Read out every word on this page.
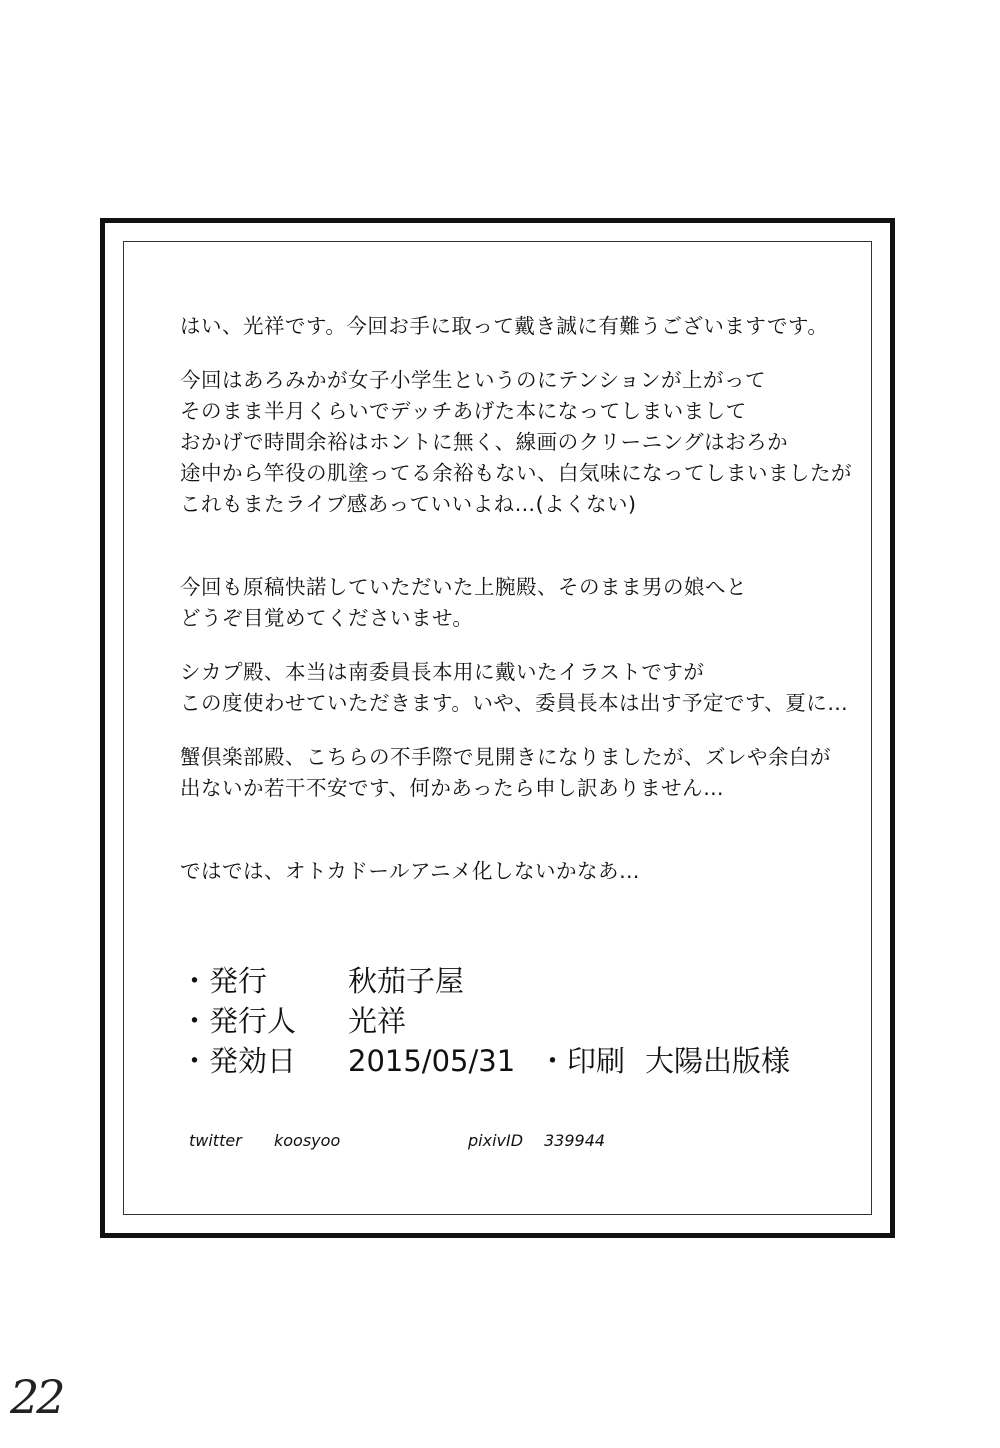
はい、光祥です。今回お手に取って戴き誠に有難うございますです。

今回はあろみかが女子小学生というのにテンションが上がって
そのまま半月くらいでデッチあげた本になってしまいまして
おかげで時間余裕はホントに無く、線画のクリーニングはおろか
途中から竿役の肌塗ってる余裕もない、白気味になってしまいましたが
これもまたライブ感あっていいよね…(よくない)

今回も原稿快諾していただいた上腕殿、そのまま男の娘へと
どうぞ目覚めてくださいませ。

シカプ殿、本当は南委員長本用に戴いたイラストですが
この度使わせていただきます。いや、委員長本は出す予定です、夏に…

蟹倶楽部殿、こちらの不手際で見開きになりましたが、ズレや余白が
出ないか若干不安です、何かあったら申し訳ありません…

ではでは、オトカドールアニメ化しないかなあ…

・発行	秋茄子屋
・発行人 光祥
・発効日 2015/05/31 ・印刷 大陽出版様
twitter koosyoo	pixivID 339944
22
